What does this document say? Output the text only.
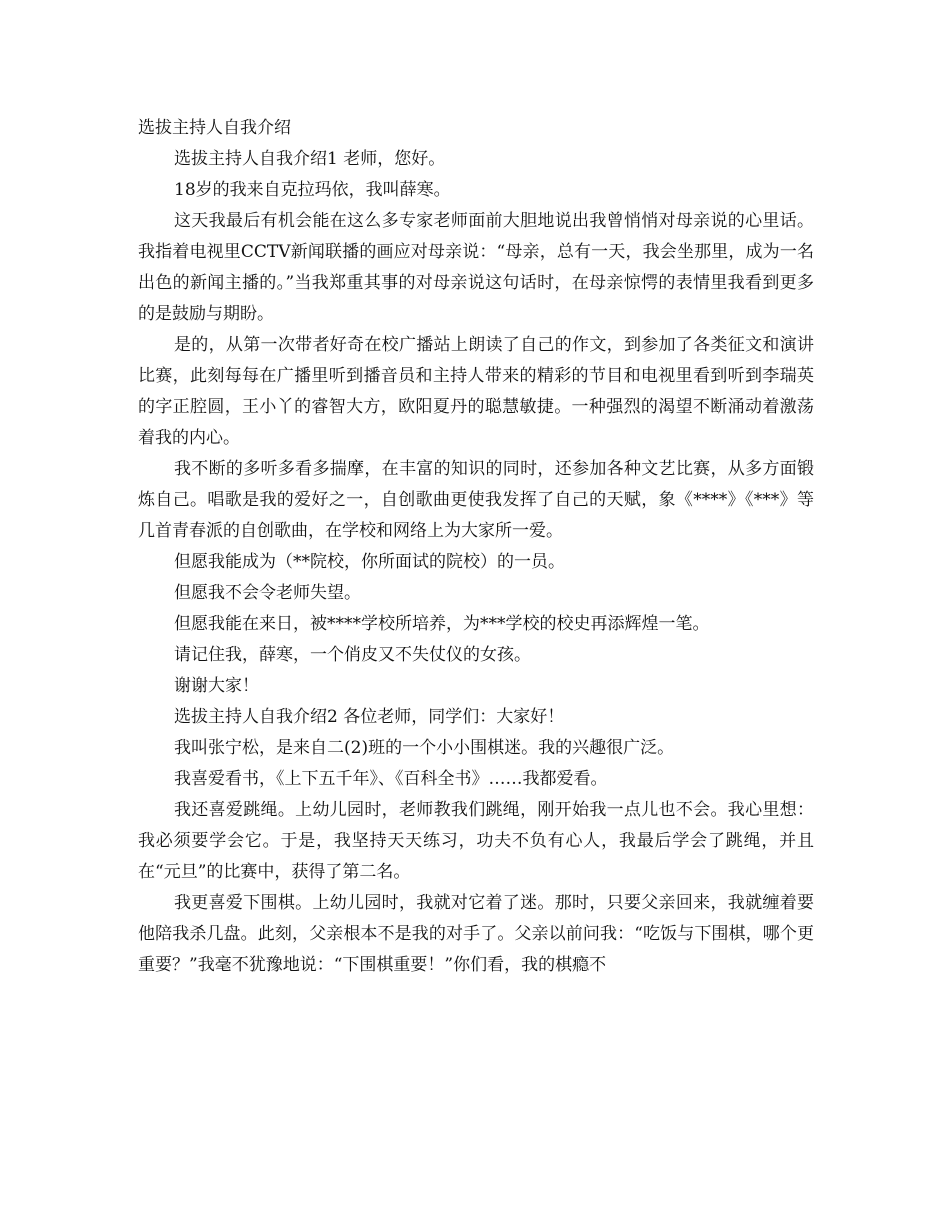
选拔主持人自我介绍

选拔主持人自我介绍1 老师，您好。

18岁的我来自克拉玛依，我叫薛寒。

这天我最后有机会能在这么多专家老师面前大胆地说出我曾悄悄对母亲说的心里话。我指着电视里CCTV新闻联播的画应对母亲说：“母亲，总有一天，我会坐那里，成为一名出色的新闻主播的。”当我郑重其事的对母亲说这句话时，在母亲惊愕的表情里我看到更多的是鼓励与期盼。

是的，从第一次带者好奇在校广播站上朗读了自己的作文，到参加了各类征文和演讲比赛，此刻每每在广播里听到播音员和主持人带来的精彩的节目和电视里看到听到李瑞英的字正腔圆，王小丫的睿智大方，欧阳夏丹的聪慧敏捷。一种强烈的渴望不断涌动着激荡着我的内心。

我不断的多听多看多揣摩，在丰富的知识的同时，还参加各种文艺比赛，从多方面锻炼自己。唱歌是我的爱好之一，自创歌曲更使我发挥了自己的天赋，象《****》《***》等几首青春派的自创歌曲，在学校和网络上为大家所一爱。

但愿我能成为（**院校，你所面试的院校）的一员。

但愿我不会令老师失望。

但愿我能在来日，被****学校所培养，为***学校的校史再添辉煌一笔。

请记住我，薛寒，一个俏皮又不失仗仪的女孩。

谢谢大家！

选拔主持人自我介绍2 各位老师，同学们：大家好！

我叫张宁松，是来自二(2)班的一个小小围棋迷。我的兴趣很广泛。

我喜爱看书，《上下五千年》、《百科全书》……我都爱看。

我还喜爱跳绳。上幼儿园时，老师教我们跳绳，刚开始我一点儿也不会。我心里想：我必须要学会它。于是，我坚持天天练习，功夫不负有心人，我最后学会了跳绳，并且在“元旦”的比赛中，获得了第二名。

我更喜爱下围棋。上幼儿园时，我就对它着了迷。那时，只要父亲回来，我就缠着要他陪我杀几盘。此刻，父亲根本不是我的对手了。父亲以前问我：“吃饭与下围棋，哪个更重要？”我毫不犹豫地说：“下围棋重要！”你们看，我的棋瘾不
